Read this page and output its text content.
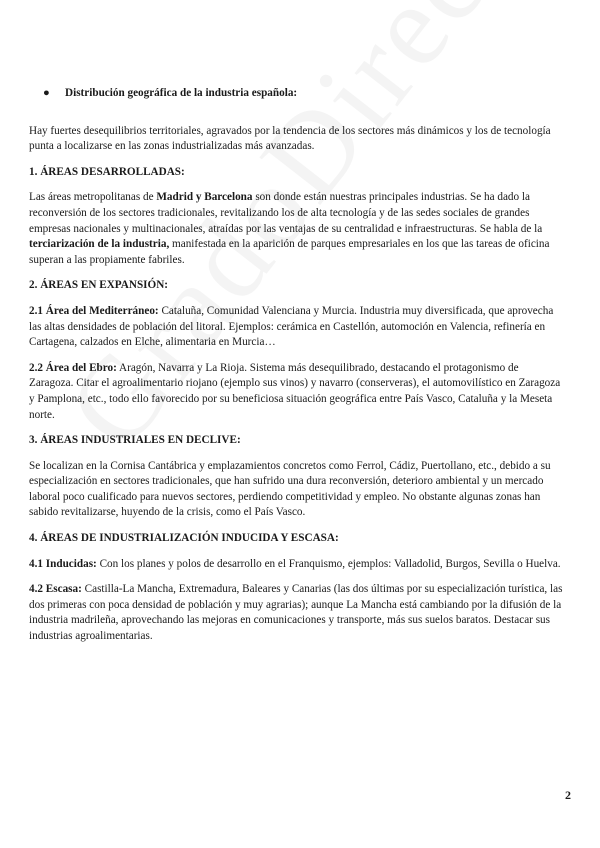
● Distribución geográfica de la industria española:

Hay fuertes desequilibrios territoriales, agravados por la tendencia de los sectores más dinámicos y los de tecnología punta a localizarse en las zonas industrializadas más avanzadas.

1. ÁREAS DESARROLLADAS:

Las áreas metropolitanas de Madrid y Barcelona son donde están nuestras principales industrias. Se ha dado la reconversión de los sectores tradicionales, revitalizando los de alta tecnología y de las sedes sociales de grandes empresas nacionales y multinacionales, atraídas por las ventajas de su centralidad e infraestructuras. Se habla de la terciarización de la industria, manifestada en la aparición de parques empresariales en los que las tareas de oficina superan a las propiamente fabriles.

2. ÁREAS EN EXPANSIÓN:

2.1 Área del Mediterráneo: Cataluña, Comunidad Valenciana y Murcia. Industria muy diversificada, que aprovecha las altas densidades de población del litoral. Ejemplos: cerámica en Castellón, automoción en Valencia, refinería en Cartagena, calzados en Elche, alimentaria en Murcia…

2.2 Área del Ebro: Aragón, Navarra y La Rioja. Sistema más desequilibrado, destacando el protagonismo de Zaragoza. Citar el agroalimentario riojano (ejemplo sus vinos) y navarro (conserveras), el automovilístico en Zaragoza y Pamplona, etc., todo ello favorecido por su beneficiosa situación geográfica entre País Vasco, Cataluña y la Meseta norte.

3. ÁREAS INDUSTRIALES EN DECLIVE:

Se localizan en la Cornisa Cantábrica y emplazamientos concretos como Ferrol, Cádiz, Puertollano, etc., debido a su especialización en sectores tradicionales, que han sufrido una dura reconversión, deterioro ambiental y un mercado laboral poco cualificado para nuevos sectores, perdiendo competitividad y empleo. No obstante algunas zonas han sabido revitalizarse, huyendo de la crisis, como el País Vasco.

4. ÁREAS DE INDUSTRIALIZACIÓN INDUCIDA Y ESCASA:

4.1 Inducidas: Con los planes y polos de desarrollo en el Franquismo, ejemplos: Valladolid, Burgos, Sevilla o Huelva.

4.2 Escasa: Castilla-La Mancha, Extremadura, Baleares y Canarias (las dos últimas por su especialización turística, las dos primeras con poca densidad de población y muy agrarias); aunque La Mancha está cambiando por la difusión de la industria madrileña, aprovechando las mejoras en comunicaciones y transporte, más sus suelos baratos. Destacar sus industrias agroalimentarias.

2
